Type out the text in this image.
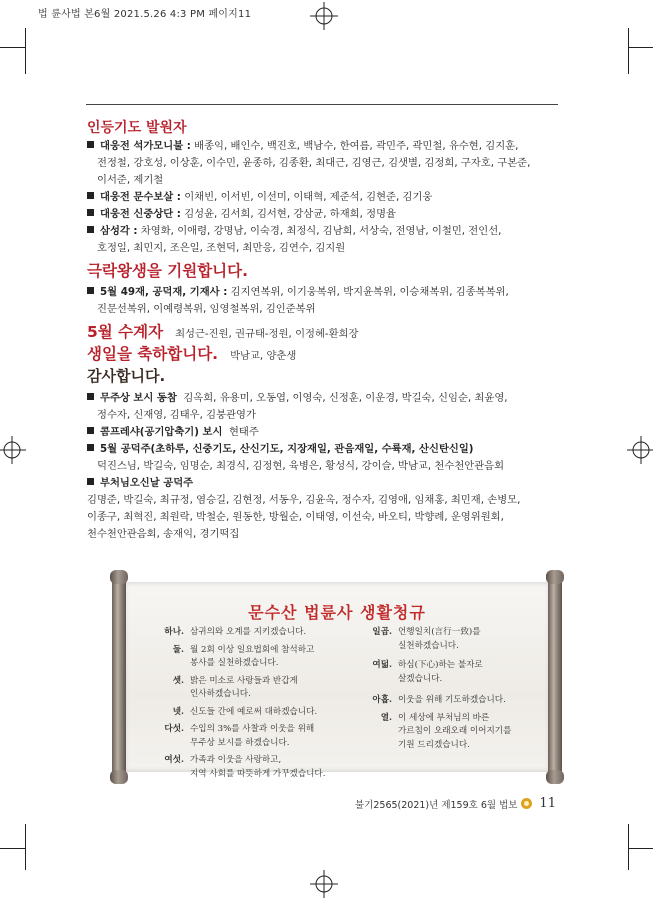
법 륜사법 본6월 2021.5.26 4:3 PM 페이지11

인등기도 발원자

대웅전 석가모니불 : 배종익, 배인수, 백진호, 백남수, 한여름, 곽민주, 곽민철, 유수현, 김지훈,

전정철, 강호성, 이상훈, 이수민, 윤종하, 김종환, 최대근, 김영근, 김샛별, 김정희, 구자호, 구본준,

이서준, 제기철

대웅전 문수보살 : 이채빈, 이서빈, 이선미, 이태혁, 제준석, 김현준, 김기웅

대웅전 신중상단 : 김성윤, 김서희, 김서현, 강삼균, 하재희, 정명율

삼성각 : 차영화, 이애령, 강명남, 이숙경, 최정식, 김남희, 서상숙, 전영남, 이철민, 전인선,

호정일, 최민지, 조은일, 조현덕, 최만응, 김연수, 김지원

극락왕생을 기원합니다.

5월 49재, 공덕재, 기재사 : 김지연복위, 이기웅복위, 박지윤복위, 이승채복위, 김종복복위,

진문선복위, 이예령복위, 임영철복위, 김인준복위

5월 수계자 최성근-진원, 권규태-정원, 이정혜-환희장

생일을 축하합니다. 박남교, 양춘생

감사합니다.

무주상 보시 동참 김옥희, 유용미, 오동엽, 이영숙, 신정훈, 이운경, 박길숙, 신임순, 최윤영,

정수자, 신재영, 김태우, 김붕관영가

콤프레샤(공기압축기) 보시 현태주

5월 공덕주(초하루, 신중기도, 산신기도, 지장재일, 관음재일, 수륙재, 산신탄신일)

덕진스님, 박길숙, 임명순, 최경식, 김정현, 육병은, 황성식, 강이슬, 박남교, 천수천안관음회

부처님오신날 공덕주

김명준, 박길숙, 최규정, 염승길, 김현정, 서동우, 김윤옥, 정수자, 김영애, 임채홍, 최민재, 손병모,

이종구, 최혁진, 최원락, 박철순, 원동한, 방월순, 이태영, 이선숙, 바오티, 박향례, 운영위원회,

천수천안관음회, 송재익, 경기떡집

문수산 법륜사 생활청규
하나. 삼귀의와 오계를 지키겠습니다.
둘. 월 2회 이상 일요법회에 참석하고
봉사를 실천하겠습니다.
셋. 밝은 미소로 사랑들과 반갑게
인사하겠습니다.
넷. 신도들 간에 예로써 대하겠습니다.
다섯. 수입의 3%를 사찰과 이웃을 위해
무주상 보시를 하겠습니다.
여섯. 가족과 이웃을 사랑하고,
지역 사회를 따뜻하게 가꾸겠습니다.
일곱. 언행일치(言行一致)를
실천하겠습니다.
여덟. 하심(下心)하는 불자로
살겠습니다.
아홉. 이웃을 위해 기도하겠습니다.
열. 이 세상에 부처님의 바른
가르침이 오래오래 이어지기를
기원 드리겠습니다.
불기2565(2021)년 제159호 6월 법보 11
